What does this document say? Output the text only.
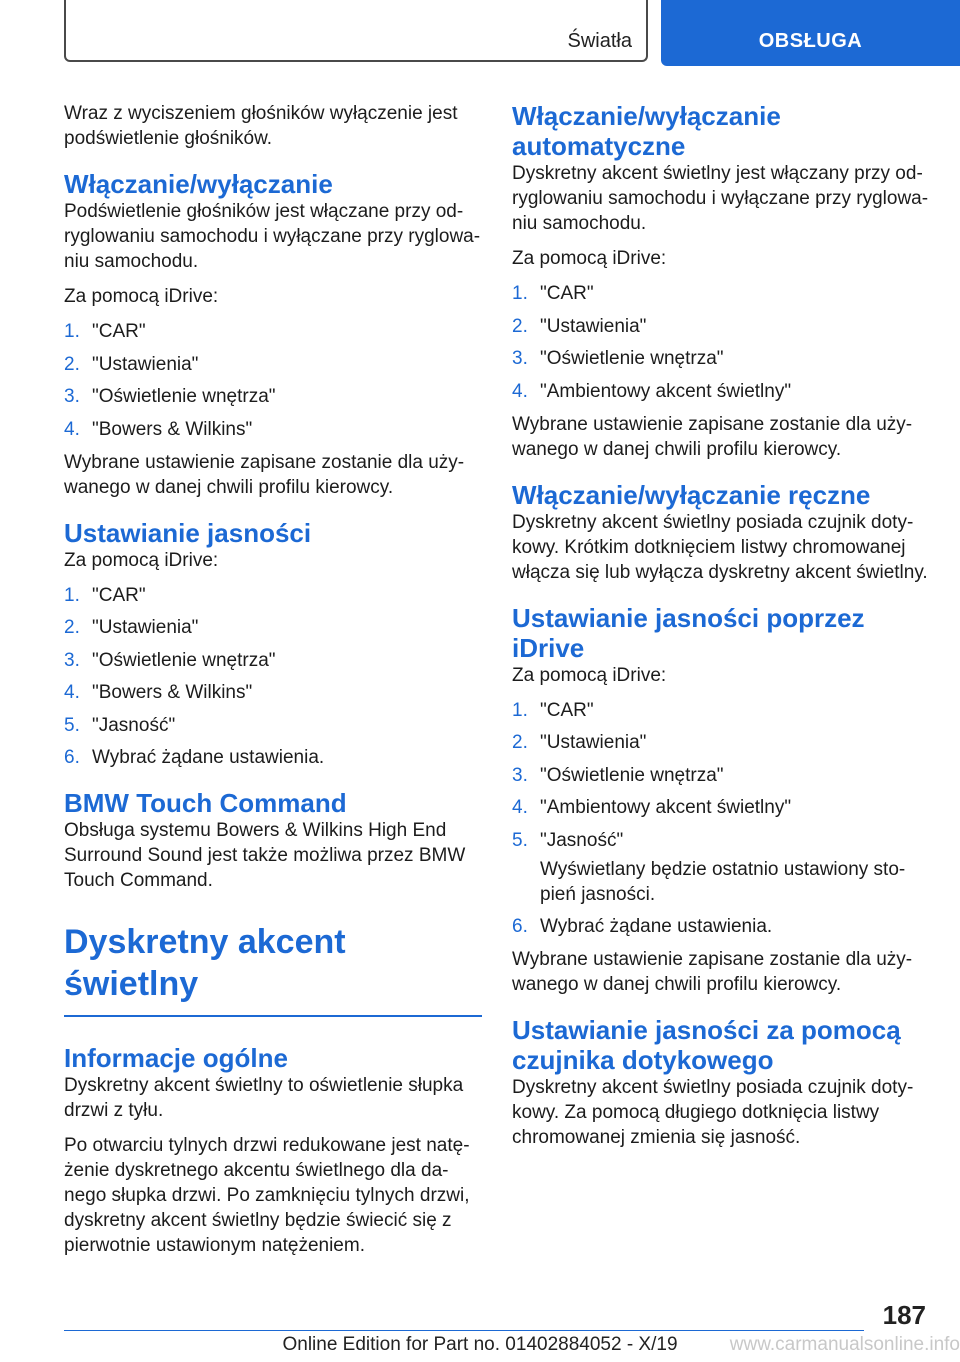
Światła	OBSŁUGA

Wraz z wyciszeniem głośników wyłączenie jest podświetlenie głośników.

Włączanie/wyłączanie

Podświetlenie głośników jest włączane przy odryglowaniu samochodu i wyłączane przy ryglowaniu samochodu.

Za pomocą iDrive:

1. "CAR"
2. "Ustawienia"
3. "Oświetlenie wnętrza"
4. "Bowers & Wilkins"

Wybrane ustawienie zapisane zostanie dla używanego w danej chwili profilu kierowcy.

Ustawianie jasności

Za pomocą iDrive:

1. "CAR"
2. "Ustawienia"
3. "Oświetlenie wnętrza"
4. "Bowers & Wilkins"
5. "Jasność"
6. Wybrać żądane ustawienia.
BMW Touch Command

Obsługa systemu Bowers & Wilkins High End Surround Sound jest także możliwa przez BMW Touch Command.

Dyskretny akcent świetlny
Informacje ogólne

Dyskretny akcent świetlny to oświetlenie słupka drzwi z tyłu.

Po otwarciu tylnych drzwi redukowane jest natężenie dyskretnego akcentu świetlnego dla danego słupka drzwi. Po zamknięciu tylnych drzwi, dyskretny akcent świetlny będzie świecić się z pierwotnie ustawionym natężeniem.

Włączanie/wyłączanie automatyczne

Dyskretny akcent świetlny jest włączany przy odryglowaniu samochodu i wyłączane przy ryglowaniu samochodu.

Za pomocą iDrive:

1. "CAR"
2. "Ustawienia"
3. "Oświetlenie wnętrza"
4. "Ambientowy akcent świetlny"

Wybrane ustawienie zapisane zostanie dla używanego w danej chwili profilu kierowcy.

Włączanie/wyłączanie ręczne

Dyskretny akcent świetlny posiada czujnik dotykowy. Krótkim dotknięciem listwy chromowanej włącza się lub wyłącza dyskretny akcent świetlny.

Ustawianie jasności poprzez iDrive

Za pomocą iDrive:

1. "CAR"
2. "Ustawienia"
3. "Oświetlenie wnętrza"
4. "Ambientowy akcent świetlny"
5. "Jasność"
Wyświetlany będzie ostatnio ustawiony stopień jasności.
6. Wybrać żądane ustawienia.

Wybrane ustawienie zapisane zostanie dla używanego w danej chwili profilu kierowcy.

Ustawianie jasności za pomocą czujnika dotykowego

Dyskretny akcent świetlny posiada czujnik dotykowy. Za pomocą długiego dotknięcia listwy chromowanej zmienia się jasność.

187
Online Edition for Part no. 01402884052 - X/19	www.carmanualsonline.info
